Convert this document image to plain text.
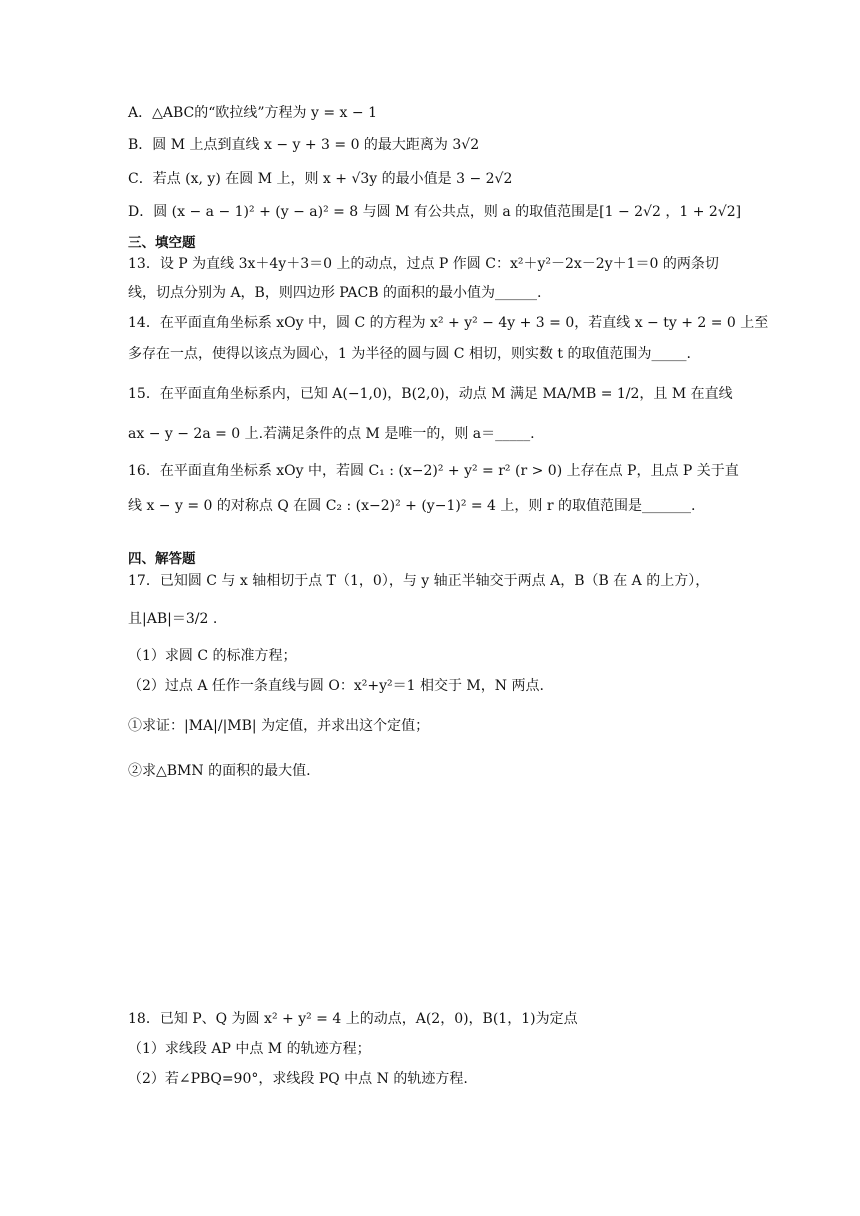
A．△ABC的“欧拉线”方程为 y = x − 1
B．圆 M 上点到直线 x − y + 3 = 0 的最大距离为 3√2
C．若点 (x, y) 在圆 M 上，则 x + √3y 的最小值是 3 − 2√2
D．圆 (x − a − 1)² + (y − a)² = 8 与圆 M 有公共点，则 a 的取值范围是[1 − 2√2 ，1 + 2√2]
三、填空题
13．设 P 为直线 3x＋4y＋3＝0 上的动点，过点 P 作圆 C：x²＋y²－2x－2y＋1＝0 的两条切
线，切点分别为 A，B，则四边形 PACB 的面积的最小值为______.
14．在平面直角坐标系 xOy 中，圆 C 的方程为 x² + y² − 4y + 3 = 0，若直线 x − ty + 2 = 0 上至
多存在一点，使得以该点为圆心，1 为半径的圆与圆 C 相切，则实数 t 的取值范围为_____.
15．在平面直角坐标系内，已知 A(−1,0)，B(2,0)，动点 M 满足 MA/MB = 1/2，且 M 在直线
ax − y − 2a = 0 上.若满足条件的点 M 是唯一的，则 a＝_____.
16．在平面直角坐标系 xOy 中，若圆 C₁ : (x−2)² + y² = r² (r > 0) 上存在点 P，且点 P 关于直
线 x − y = 0 的对称点 Q 在圆 C₂ : (x−2)² + (y−1)² = 4 上，则 r 的取值范围是_______.
四、解答题
17．已知圆 C 与 x 轴相切于点 T（1，0），与 y 轴正半轴交于两点 A，B（B 在 A 的上方），
且|AB|＝3/2 .
（1）求圆 C 的标准方程；
（2）过点 A 任作一条直线与圆 O：x²+y²＝1 相交于 M，N 两点.
①求证：|MA|/|MB| 为定值，并求出这个定值；
②求△BMN 的面积的最大值.
18．已知 P、Q 为圆 x² + y² = 4 上的动点，A(2，0)，B(1，1)为定点
（1）求线段 AP 中点 M 的轨迹方程；
（2）若∠PBQ=90°，求线段 PQ 中点 N 的轨迹方程.
